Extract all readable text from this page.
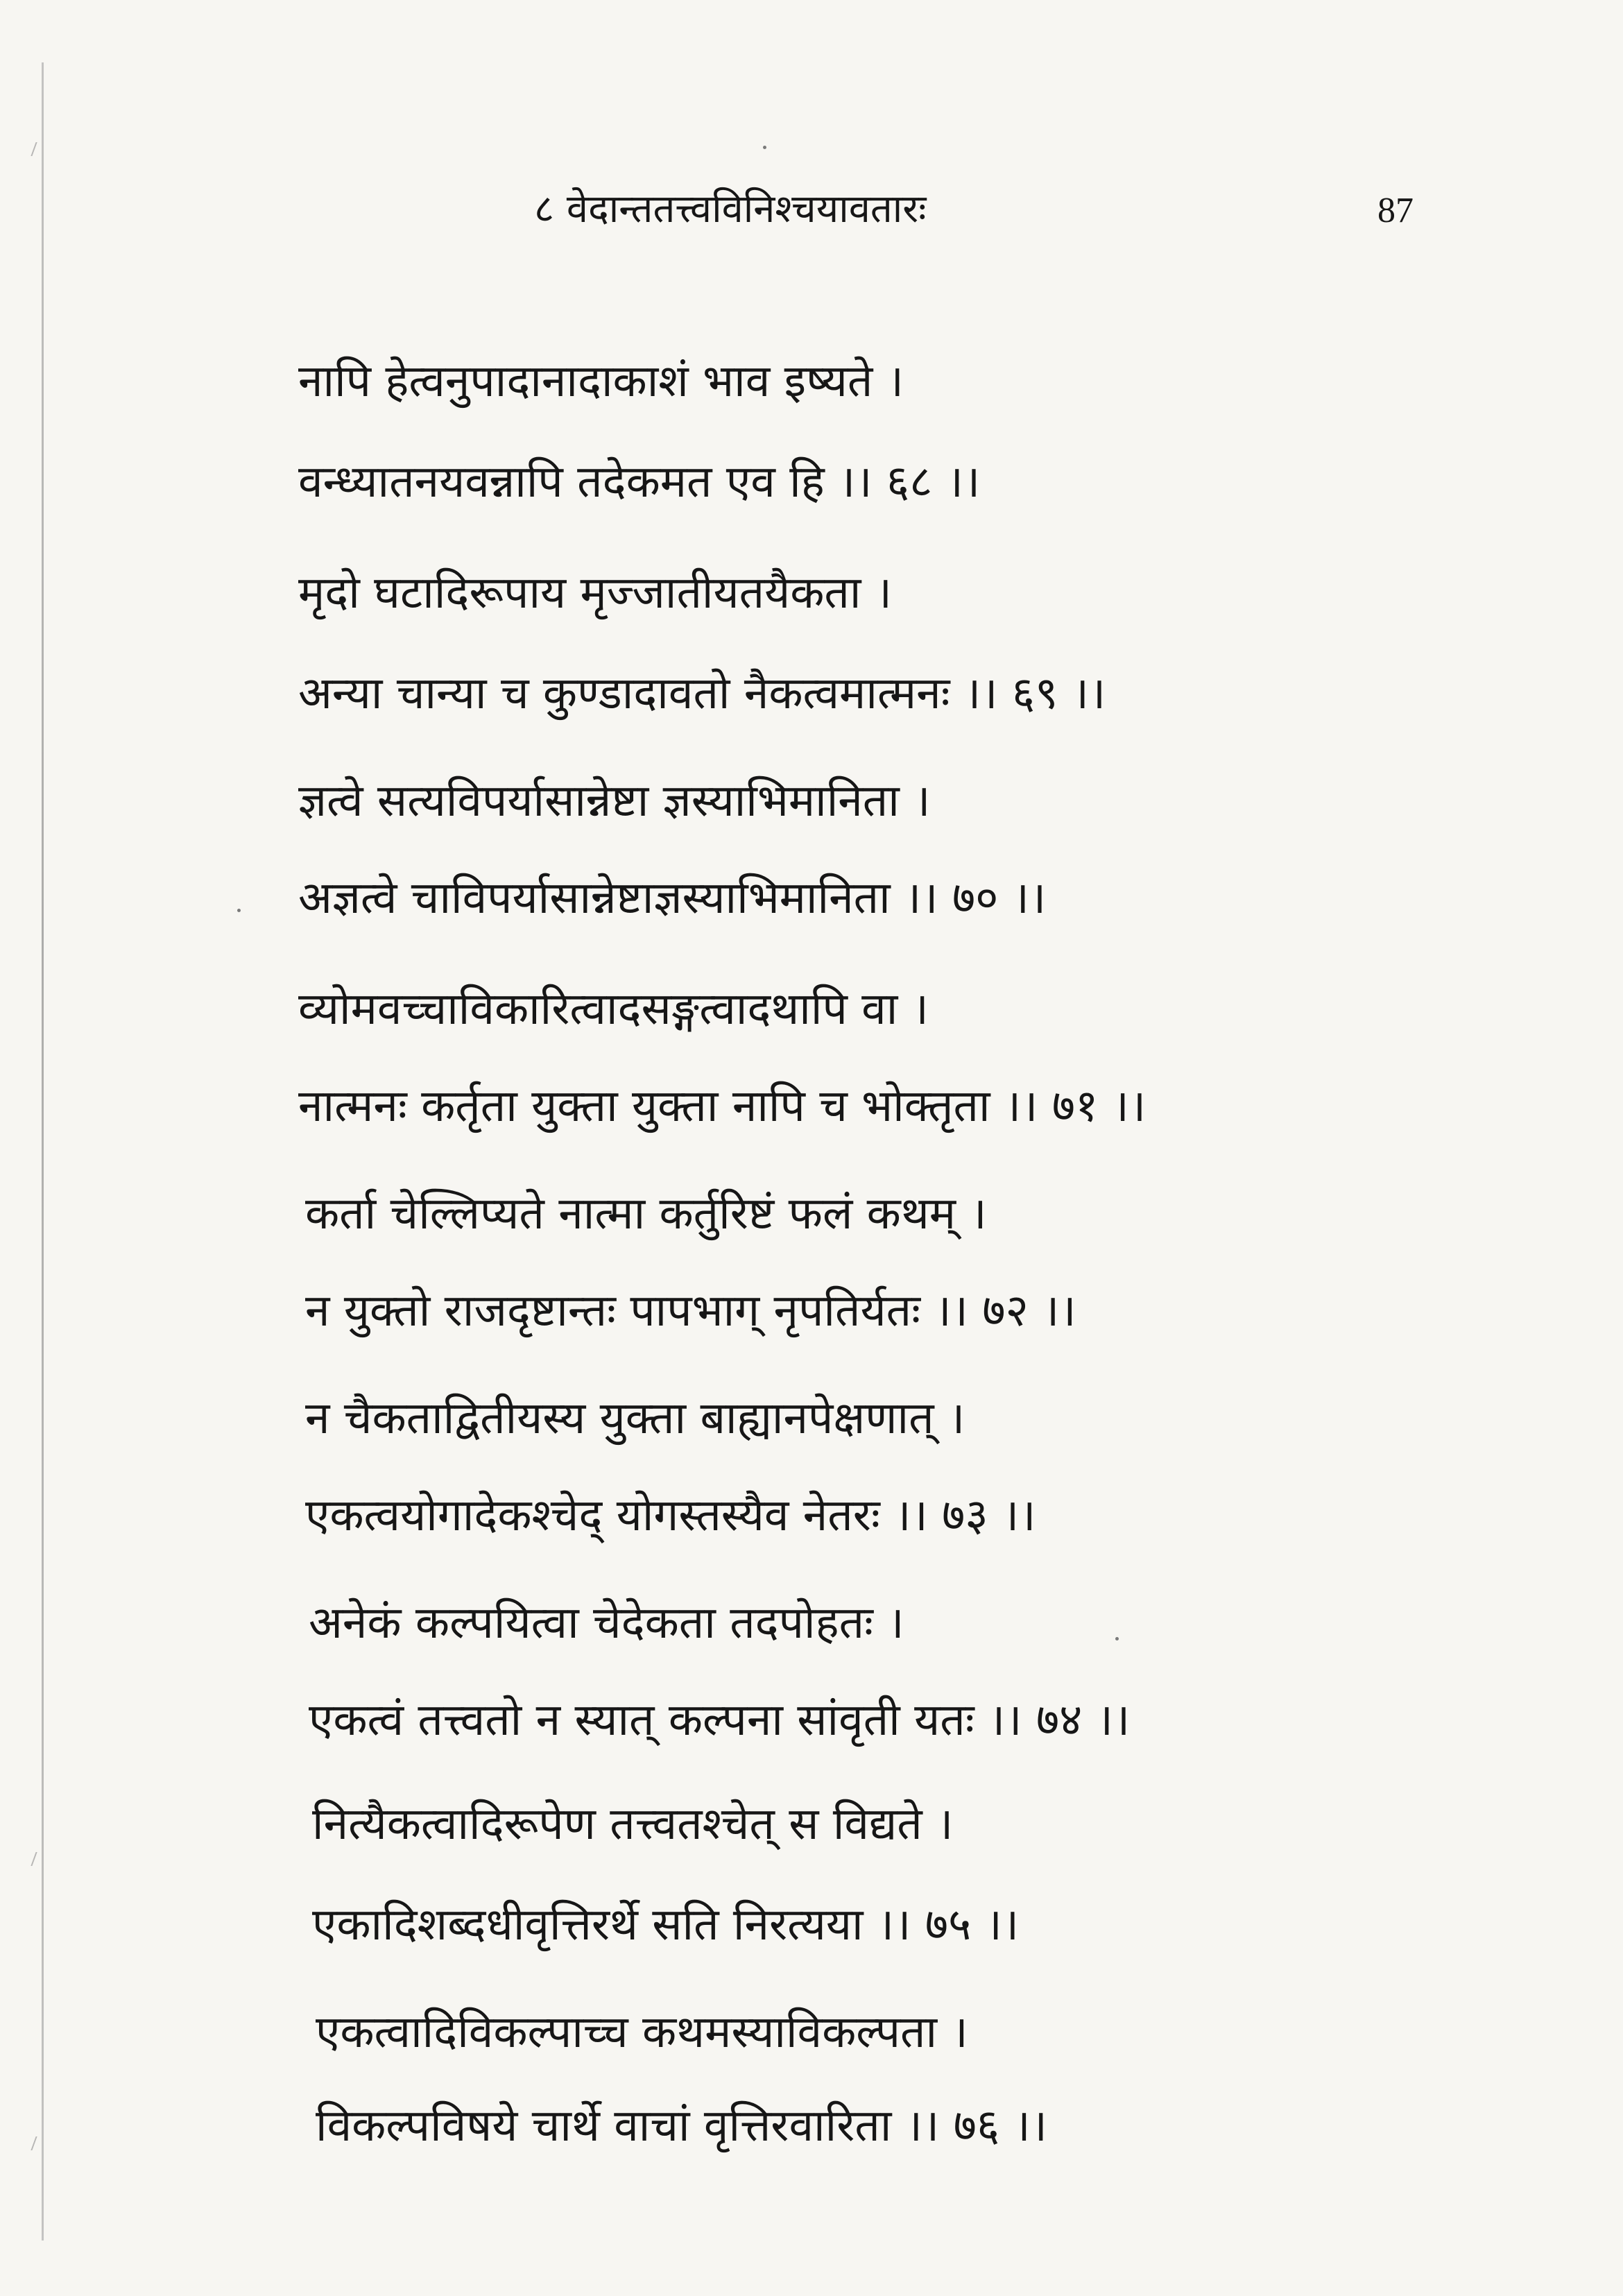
८ वेदान्ततत्त्वविनिश्चयावतारः	87
नापि हेत्वनुपादानादाकाशं भाव इष्यते ।
वन्ध्यातनयवन्नापि तदेकमत एव हि ।। ६८ ।।
मृदो घटादिरूपाय मृज्जातीयतयैकता ।
अन्या चान्या च कुण्डादावतो नैकत्वमात्मनः ।। ६९ ।।
ज्ञत्वे सत्यविपर्यासान्नेष्टा ज्ञस्याभिमानिता ।
अज्ञत्वे चाविपर्यासान्नेष्टाज्ञस्याभिमानिता ।। ७० ।।
व्योमवच्चाविकारित्वादसङ्गत्वादथापि वा ।
नात्मनः कर्तृता युक्ता युक्ता नापि च भोक्तृता ।। ७१ ।।
कर्ता चेल्लिप्यते नात्मा कर्तुरिष्टं फलं कथम् ।
न युक्तो राजदृष्टान्तः पापभाग् नृपतिर्यतः ।। ७२ ।।
न चैकताद्वितीयस्य युक्ता बाह्यानपेक्षणात् ।
एकत्वयोगादेकश्चेद् योगस्तस्यैव नेतरः ।। ७३ ।।
अनेकं कल्पयित्वा चेदेकता तदपोहतः ।
एकत्वं तत्त्वतो न स्यात् कल्पना सांवृती यतः ।। ७४ ।।
नित्यैकत्वादिरूपेण तत्त्वतश्चेत् स विद्यते ।
एकादिशब्दधीवृत्तिरर्थे सति निरत्यया ।। ७५ ।।
एकत्वादिविकल्पाच्च कथमस्याविकल्पता ।
विकल्पविषये चार्थे वाचां वृत्तिरवारिता ।। ७६ ।।
